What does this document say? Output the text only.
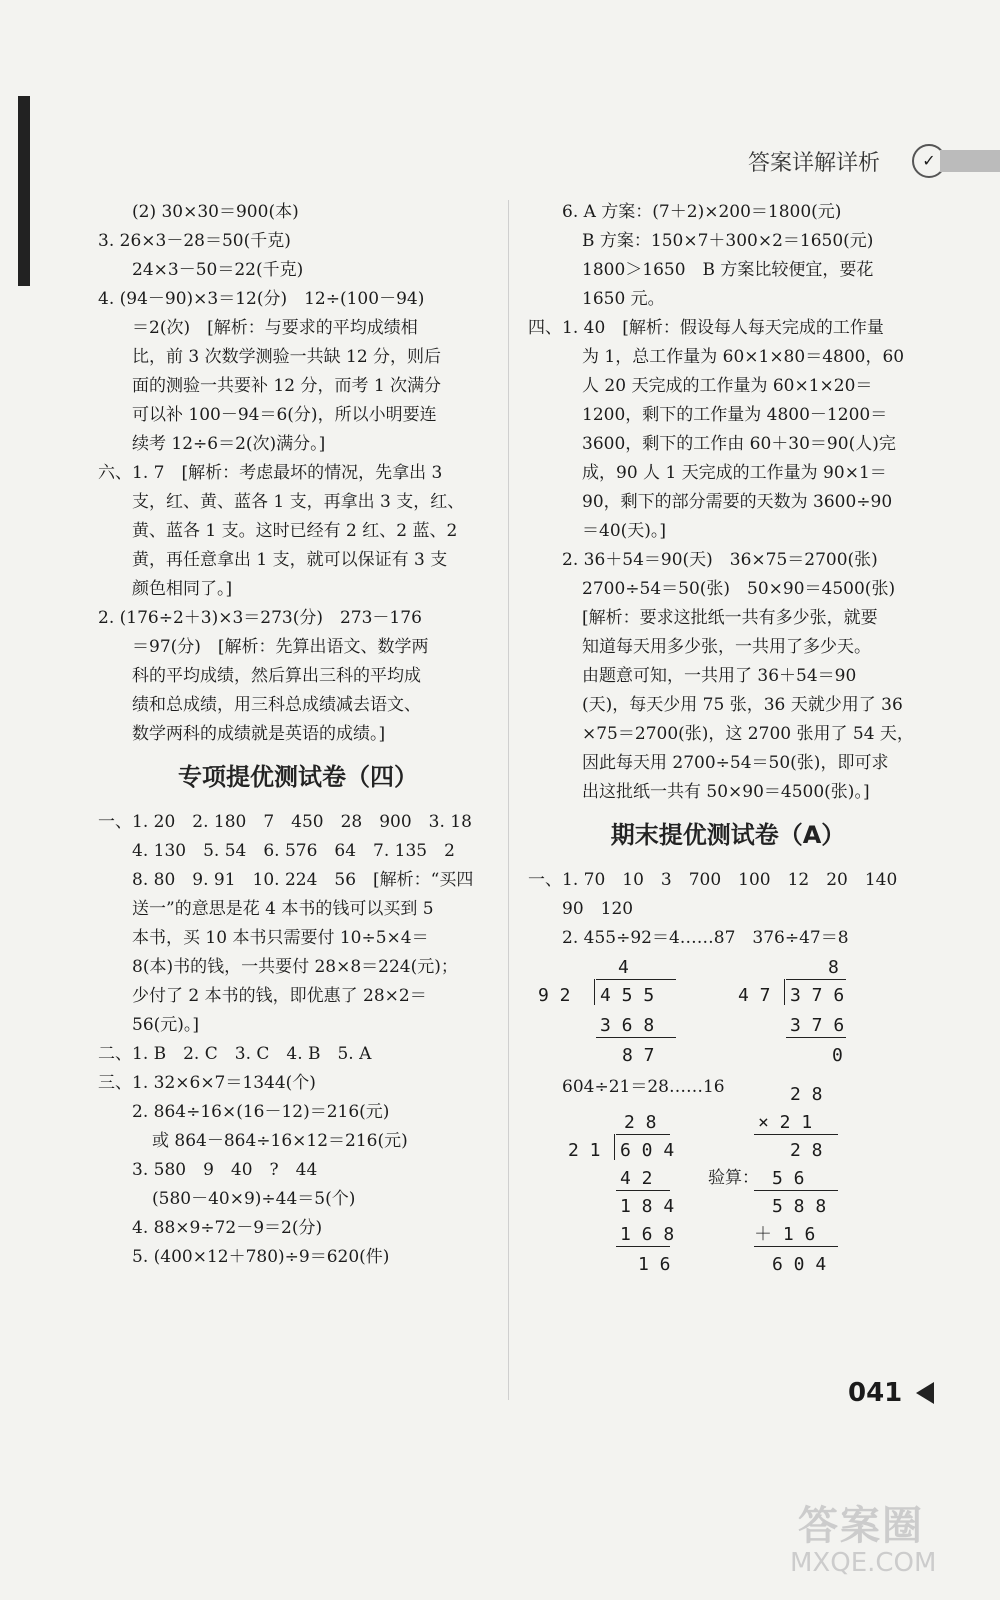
答案详解详析	✓
(2) 30×30＝900(本)
3. 26×3－28＝50(千克)
24×3－50＝22(千克)
4. (94－90)×3＝12(分)　12÷(100－94)
＝2(次)　[解析：与要求的平均成绩相
比，前 3 次数学测验一共缺 12 分，则后
面的测验一共要补 12 分，而考 1 次满分
可以补 100－94＝6(分)，所以小明要连
续考 12÷6＝2(次)满分。]
六、1. 7　[解析：考虑最坏的情况，先拿出 3
支，红、黄、蓝各 1 支，再拿出 3 支，红、
黄、蓝各 1 支。这时已经有 2 红、2 蓝、2
黄，再任意拿出 1 支，就可以保证有 3 支
颜色相同了。]
2. (176÷2＋3)×3＝273(分)　273－176
＝97(分)　[解析：先算出语文、数学两
科的平均成绩，然后算出三科的平均成
绩和总成绩，用三科总成绩减去语文、
数学两科的成绩就是英语的成绩。]
专项提优测试卷（四）
一、1. 20　2. 180　7　450　28　900　3. 18
4. 130　5. 54　6. 576　64　7. 135　2
8. 80　9. 91　10. 224　56　[解析：“买四
送一”的意思是花 4 本书的钱可以买到 5
本书，买 10 本书只需要付 10÷5×4＝
8(本)书的钱，一共要付 28×8＝224(元)；
少付了 2 本书的钱，即优惠了 28×2＝
56(元)。]
二、1. B　2. C　3. C　4. B　5. A
三、1. 32×6×7＝1344(个)
2. 864÷16×(16－12)＝216(元)
或 864－864÷16×12＝216(元)
3. 580　9　40　?　44
(580－40×9)÷44＝5(个)
4. 88×9÷72－9＝2(分)
5. (400×12＋780)÷9＝620(件)
6. A 方案：(7＋2)×200＝1800(元)
B 方案：150×7＋300×2＝1650(元)
1800＞1650　B 方案比较便宜，要花
1650 元。
四、1. 40　[解析：假设每人每天完成的工作量
为 1，总工作量为 60×1×80＝4800，60
人 20 天完成的工作量为 60×1×20＝
1200，剩下的工作量为 4800－1200＝
3600，剩下的工作由 60＋30＝90(人)完
成，90 人 1 天完成的工作量为 90×1＝
90，剩下的部分需要的天数为 3600÷90
＝40(天)。]
2. 36＋54＝90(天)　36×75＝2700(张)
2700÷54＝50(张)　50×90＝4500(张)
[解析：要求这批纸一共有多少张，就要
知道每天用多少张，一共用了多少天。
由题意可知，一共用了 36＋54＝90
(天)，每天少用 75 张，36 天就少用了 36
×75＝2700(张)，这 2700 张用了 54 天，
因此每天用 2700÷54＝50(张)，即可求
出这批纸一共有 50×90＝4500(张)。]
期末提优测试卷（A）
一、1. 70　10　3　700　100　12　20　140
90　120
2. 455÷92＝4……87　376÷47＝8
4
9 2 4 5 5
3 6 8
8 7
8
4 7 3 7 6
3 7 6
0
604÷21＝28……16
2 8
2 1 6 0 4
4 2
1 8 4
1 6 8
1 6
2 8
× 2 1
2 8
验算： 5 6
5 8 8
＋ 1 6
6 0 4
041
答案圈
MXQE.COM
